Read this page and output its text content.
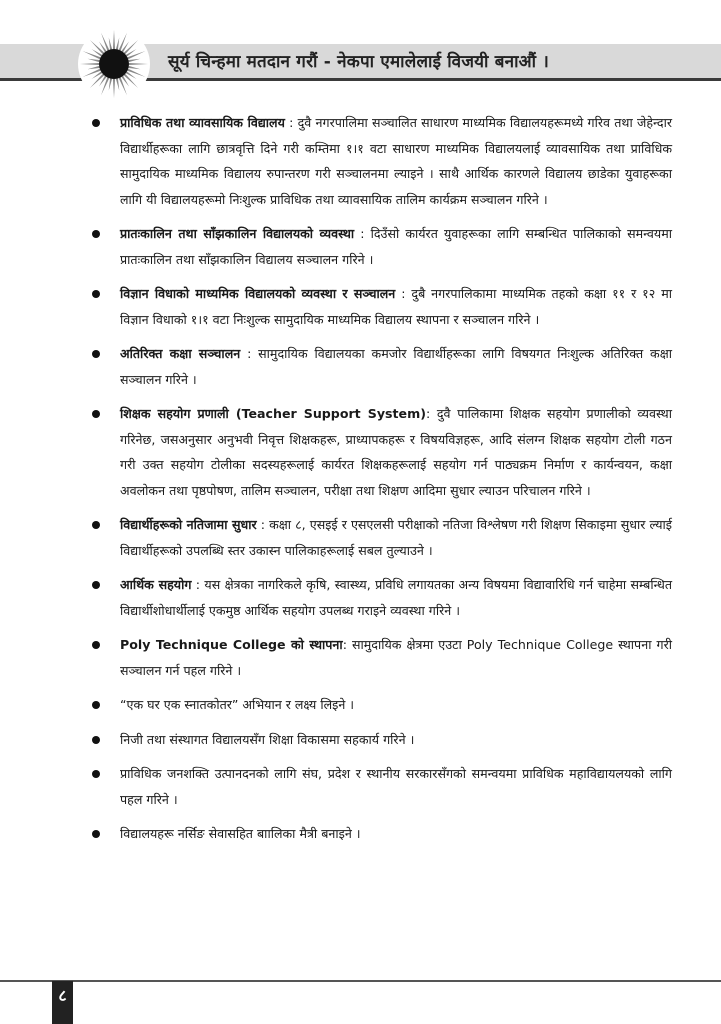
सूर्य चिन्हमा मतदान गरौं - नेकपा एमालेलाई विजयी बनाऔं ।
प्राविधिक तथा व्यावसायिक विद्यालय : दुवै नगरपालिमा सञ्चालित साधारण माध्यमिक विद्यालयहरूमध्ये गरिव तथा जेहेन्दार विद्यार्थीहरूका लागि छात्रवृत्ति दिने गरी कम्तिमा १।१ वटा साधारण माध्यमिक विद्यालयलाई व्यावसायिक तथा प्राविधिक सामुदायिक माध्यमिक विद्यालय रुपान्तरण गरी सञ्चालनमा ल्याइने । साथै आर्थिक कारणले विद्यालय छाडेका युवाहरूका लागि यी विद्यालयहरूमो निःशुल्क प्राविधिक तथा व्यावसायिक तालिम कार्यक्रम सञ्चालन गरिने ।
प्रातःकालिन तथा साँझकालिन विद्यालयको व्यवस्था : दिउँसो कार्यरत युवाहरूका लागि सम्बन्धित पालिकाको समन्वयमा प्रातःकालिन तथा साँझकालिन विद्यालय सञ्चालन गरिने ।
विज्ञान विधाको माध्यमिक विद्यालयको व्यवस्था र सञ्चालन : दुबै नगरपालिकामा माध्यमिक तहको कक्षा ११ र १२ मा विज्ञान विधाको १।१ वटा निःशुल्क सामुदायिक माध्यमिक विद्यालय स्थापना र सञ्चालन गरिने ।
अतिरिक्त कक्षा सञ्चालन : सामुदायिक विद्यालयका कमजोर विद्यार्थीहरूका लागि विषयगत निःशुल्क अतिरिक्त कक्षा सञ्चालन गरिने ।
शिक्षक सहयोग प्रणाली (Teacher Support System): दुवै पालिकामा शिक्षक सहयोग प्रणालीको व्यवस्था गरिनेछ, जसअनुसार अनुभवी निवृत्त शिक्षकहरू, प्राध्यापकहरू र विषयविज्ञहरू, आदि संलग्न शिक्षक सहयोग टोली गठन गरी उक्त सहयोग टोलीका सदस्यहरूलाई कार्यरत शिक्षकहरूलाई सहयोग गर्न पाठ्यक्रम निर्माण र कार्यन्वयन, कक्षा अवलोकन तथा पृष्ठपोषण, तालिम सञ्चालन, परीक्षा तथा शिक्षण आदिमा सुधार ल्याउन परिचालन गरिने ।
विद्यार्थीहरूको नतिजामा सुधार : कक्षा ८, एसइई र एसएलसी परीक्षाको नतिजा विश्लेषण गरी शिक्षण सिकाइमा सुधार ल्याई विद्यार्थीहरूको उपलब्धि स्तर उकास्न पालिकाहरूलाई सबल तुल्याउने ।
आर्थिक सहयोग : यस क्षेत्रका नागरिकले कृषि, स्वास्थ्य, प्रविधि लगायतका अन्य विषयमा विद्यावारिधि गर्न चाहेमा सम्बन्धित विद्यार्थीशोधार्थीलाई एकमुष्ठ आर्थिक सहयोग उपलब्ध गराइने व्यवस्था गरिने ।
Poly Technique College को स्थापना: सामुदायिक क्षेत्रमा एउटा Poly Technique College स्थापना गरी सञ्चालन गर्न पहल गरिने ।
“एक घर एक स्नातकोतर” अभियान र लक्ष्य लिइने ।
निजी तथा संस्थागत विद्यालयसँग शिक्षा विकासमा सहकार्य गरिने ।
प्राविधिक जनशक्ति उत्पानदनको लागि संघ, प्रदेश र स्थानीय सरकारसँगको समन्वयमा प्राविधिक महाविद्यायलयको लागि पहल गरिने ।
विद्यालयहरू नर्सिङ सेवासहित बाालिका मैत्री बनाइने ।
८
